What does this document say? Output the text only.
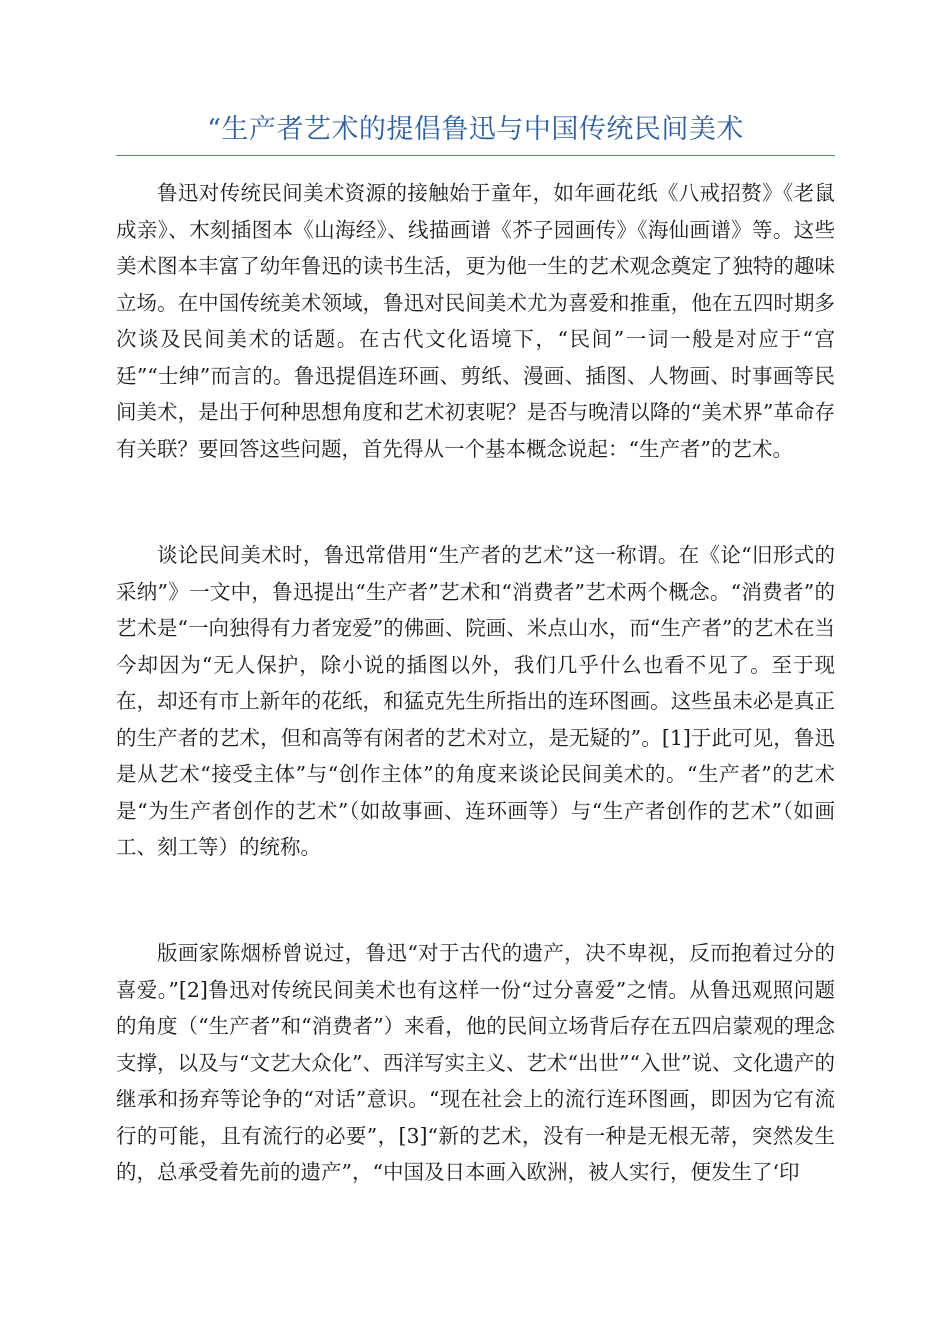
“生产者艺术的提倡鲁迅与中国传统民间美术

鲁迅对传统民间美术资源的接触始于童年，如年画花纸《八戒招赘》《老鼠成亲》、木刻插图本《山海经》、线描画谱《芥子园画传》《海仙画谱》等。这些美术图本丰富了幼年鲁迅的读书生活，更为他一生的艺术观念奠定了独特的趣味立场。在中国传统美术领域，鲁迅对民间美术尤为喜爱和推重，他在五四时期多次谈及民间美术的话题。在古代文化语境下，“民间”一词一般是对应于“宫廷”“士绅”而言的。鲁迅提倡连环画、剪纸、漫画、插图、人物画、时事画等民间美术，是出于何种思想角度和艺术初衷呢？是否与晚清以降的“美术界”革命存有关联？要回答这些问题，首先得从一个基本概念说起：“生产者”的艺术。

谈论民间美术时，鲁迅常借用“生产者的艺术”这一称谓。在《论“旧形式的采纳”》一文中，鲁迅提出“生产者”艺术和“消费者”艺术两个概念。“消费者”的艺术是“一向独得有力者宠爱”的佛画、院画、米点山水，而“生产者”的艺术在当今却因为“无人保护，除小说的插图以外，我们几乎什么也看不见了。至于现在，却还有市上新年的花纸，和猛克先生所指出的连环图画。这些虽未必是真正的生产者的艺术，但和高等有闲者的艺术对立，是无疑的”。[1]于此可见，鲁迅是从艺术“接受主体”与“创作主体”的角度来谈论民间美术的。“生产者”的艺术是“为生产者创作的艺术”（如故事画、连环画等）与“生产者创作的艺术”（如画工、刻工等）的统称。

版画家陈烟桥曾说过，鲁迅“对于古代的遗产，决不卑视，反而抱着过分的喜爱。”[2]鲁迅对传统民间美术也有这样一份“过分喜爱”之情。从鲁迅观照问题的角度（“生产者”和“消费者”）来看，他的民间立场背后存在五四启蒙观的理念支撑，以及与“文艺大众化”、西洋写实主义、艺术“出世”“入世”说、文化遗产的继承和扬弃等论争的“对话”意识。“现在社会上的流行连环图画，即因为它有流行的可能，且有流行的必要”，[3]“新的艺术，没有一种是无根无蒂，突然发生的，总承受着先前的遗产”，“中国及日本画入欧洲，被人实行，便发生了‘印
